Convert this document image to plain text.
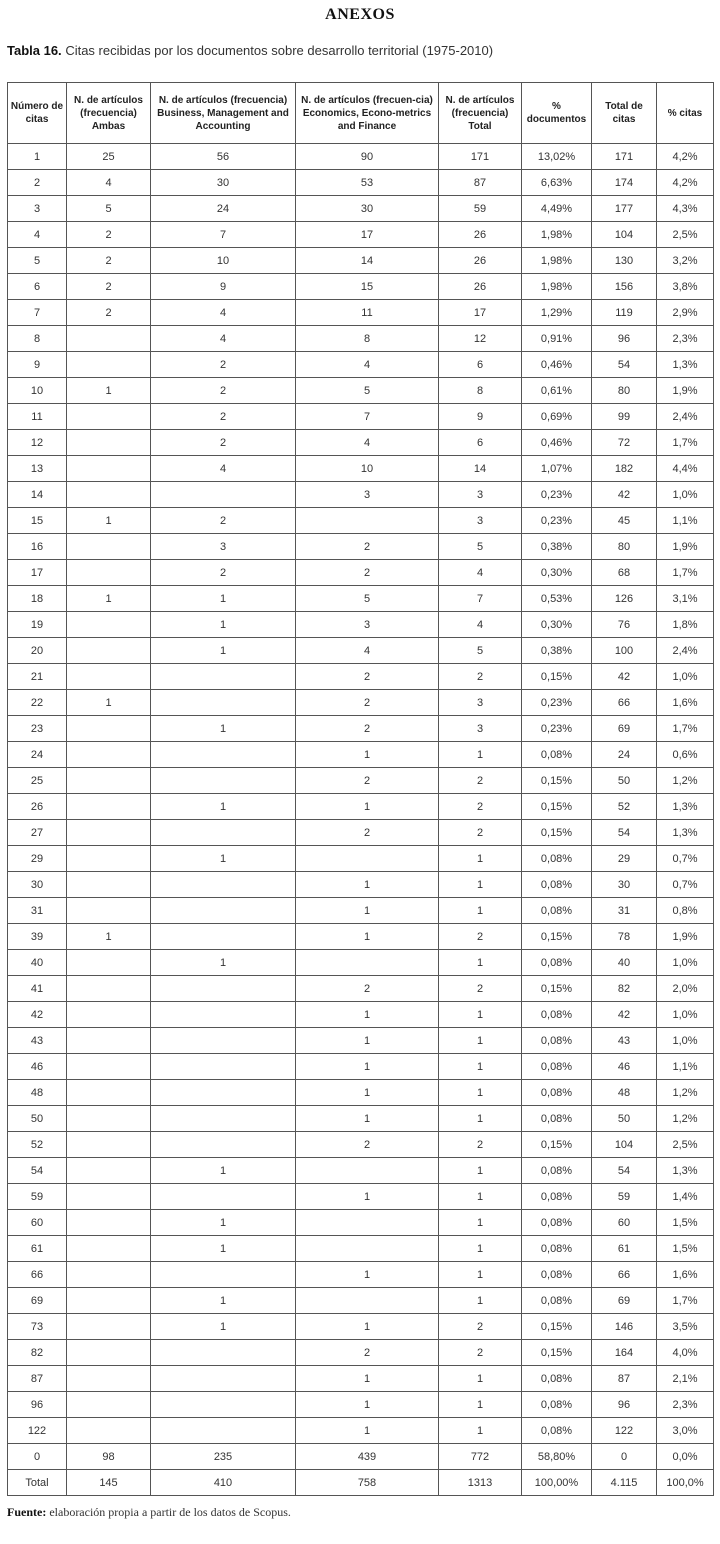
ANEXOS
Tabla 16. Citas recibidas por los documentos sobre desarrollo territorial (1975-2010)
Número de citas	N. de artículos (frecuencia) Ambas	N. de artículos (frecuencia) Business, Management and Accounting	N. de artículos (frecuen-cia) Economics, Econo-metrics and Finance	N. de artículos (frecuencia) Total	% documentos	Total de citas	% citas
1	25	56	90	171	13,02%	171	4,2%
2	4	30	53	87	6,63%	174	4,2%
3	5	24	30	59	4,49%	177	4,3%
4	2	7	17	26	1,98%	104	2,5%
5	2	10	14	26	1,98%	130	3,2%
6	2	9	15	26	1,98%	156	3,8%
7	2	4	11	17	1,29%	119	2,9%
8		4	8	12	0,91%	96	2,3%
9		2	4	6	0,46%	54	1,3%
10	1	2	5	8	0,61%	80	1,9%
11		2	7	9	0,69%	99	2,4%
12		2	4	6	0,46%	72	1,7%
13		4	10	14	1,07%	182	4,4%
14			3	3	0,23%	42	1,0%
15	1	2		3	0,23%	45	1,1%
16		3	2	5	0,38%	80	1,9%
17		2	2	4	0,30%	68	1,7%
18	1	1	5	7	0,53%	126	3,1%
19		1	3	4	0,30%	76	1,8%
20		1	4	5	0,38%	100	2,4%
21			2	2	0,15%	42	1,0%
22	1		2	3	0,23%	66	1,6%
23		1	2	3	0,23%	69	1,7%
24			1	1	0,08%	24	0,6%
25			2	2	0,15%	50	1,2%
26		1	1	2	0,15%	52	1,3%
27			2	2	0,15%	54	1,3%
29		1		1	0,08%	29	0,7%
30			1	1	0,08%	30	0,7%
31			1	1	0,08%	31	0,8%
39	1		1	2	0,15%	78	1,9%
40		1		1	0,08%	40	1,0%
41			2	2	0,15%	82	2,0%
42			1	1	0,08%	42	1,0%
43			1	1	0,08%	43	1,0%
46			1	1	0,08%	46	1,1%
48			1	1	0,08%	48	1,2%
50			1	1	0,08%	50	1,2%
52			2	2	0,15%	104	2,5%
54		1		1	0,08%	54	1,3%
59			1	1	0,08%	59	1,4%
60		1		1	0,08%	60	1,5%
61		1		1	0,08%	61	1,5%
66			1	1	0,08%	66	1,6%
69		1		1	0,08%	69	1,7%
73		1	1	2	0,15%	146	3,5%
82			2	2	0,15%	164	4,0%
87			1	1	0,08%	87	2,1%
96			1	1	0,08%	96	2,3%
122			1	1	0,08%	122	3,0%
0	98	235	439	772	58,80%	0	0,0%
Total	145	410	758	1313	100,00%	4.115	100,0%
Fuente: elaboración propia a partir de los datos de Scopus.
